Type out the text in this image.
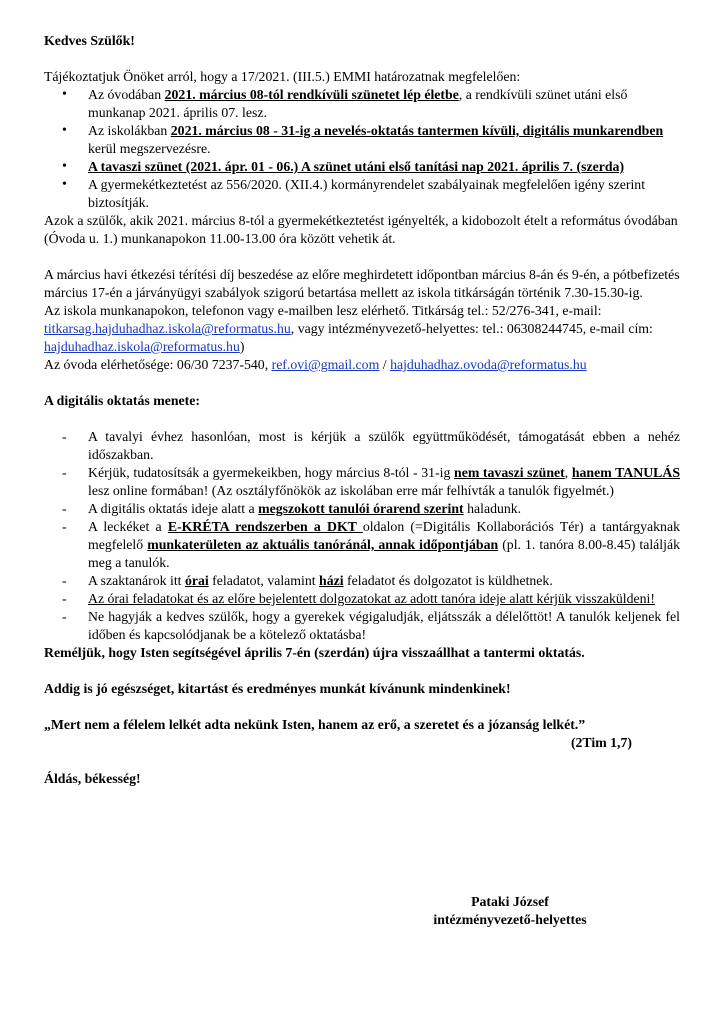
Kedves Szülők!

Tájékoztatjuk Önöket arról, hogy a 17/2021. (III.5.) EMMI határozatnak megfelelően:

• Az óvodában 2021. március 08-tól rendkívüli szünetet lép életbe, a rendkívüli szünet utáni első munkanap 2021. április 07. lesz.
• Az iskolákban 2021. március 08 - 31-ig a nevelés-oktatás tantermen kívüli, digitális munkarendben kerül megszervezésre.
• A tavaszi szünet (2021. ápr. 01 - 06.) A szünet utáni első tanítási nap 2021. április 7. (szerda)
• A gyermekétkeztetést az 556/2020. (XII.4.) kormányrendelet szabályainak megfelelően igény szerint biztosítják.

Azok a szülők, akik 2021. március 8-tól a gyermekétkeztetést igényelték, a kidobozolt ételt a református óvodában (Óvoda u. 1.) munkanapokon 11.00-13.00 óra között vehetik át.

A március havi étkezési térítési díj beszedése az előre meghirdetett időpontban március 8-án és 9-én, a pótbefizetés március 17-én a járványügyi szabályok szigorú betartása mellett az iskola titkárságán történik 7.30-15.30-ig.

Az iskola munkanapokon, telefonon vagy e-mailben lesz elérhető. Titkárság tel.: 52/276-341, e-mail:
titkarsag.hajduhadhaz.iskola@reformatus.hu, vagy intézményvezető-helyettes: tel.: 06308244745, e-mail cím: hajduhadhaz.iskola@reformatus.hu)

Az óvoda elérhetősége: 06/30 7237-540, ref.ovi@gmail.com / hajduhadhaz.ovoda@reformatus.hu

A digitális oktatás menete:

- A tavalyi évhez hasonlóan, most is kérjük a szülők együttműködését, támogatását ebben a nehéz időszakban.
- Kérjük, tudatosítsák a gyermekeikben, hogy március 8-tól - 31-ig nem tavaszi szünet, hanem TANULÁS lesz online formában! (Az osztályfőnökök az iskolában erre már felhívták a tanulók figyelmét.)
- A digitális oktatás ideje alatt a megszokott tanulói órarend szerint haladunk.
- A leckéket a E-KRÉTA rendszerben a DKT oldalon (=Digitális Kollaborációs Tér) a tantárgyaknak megfelelő munkaterületen az aktuális tanóránál, annak időpontjában (pl. 1. tanóra 8.00-8.45) találják meg a tanulók.
- A szaktanárok itt órai feladatot, valamint házi feladatot és dolgozatot is küldhetnek.
- Az órai feladatokat és az előre bejelentett dolgozatokat az adott tanóra ideje alatt kérjük visszaküldeni!
- Ne hagyják a kedves szülők, hogy a gyerekek végigaludják, eljátsszák a délelőttöt! A tanulók keljenek fel időben és kapcsolódjanak be a kötelező oktatásba!

Reméljük, hogy Isten segítségével április 7-én (szerdán) újra visszaállhat a tantermi oktatás.

Addig is jó egészséget, kitartást és eredményes munkát kívánunk mindenkinek!

„Mert nem a félelem lelkét adta nekünk Isten, hanem az erő, a szeretet és a józanság lelkét.”

(2Tim 1,7)

Áldás, békesség!

Pataki József
intézményvezető-helyettes
